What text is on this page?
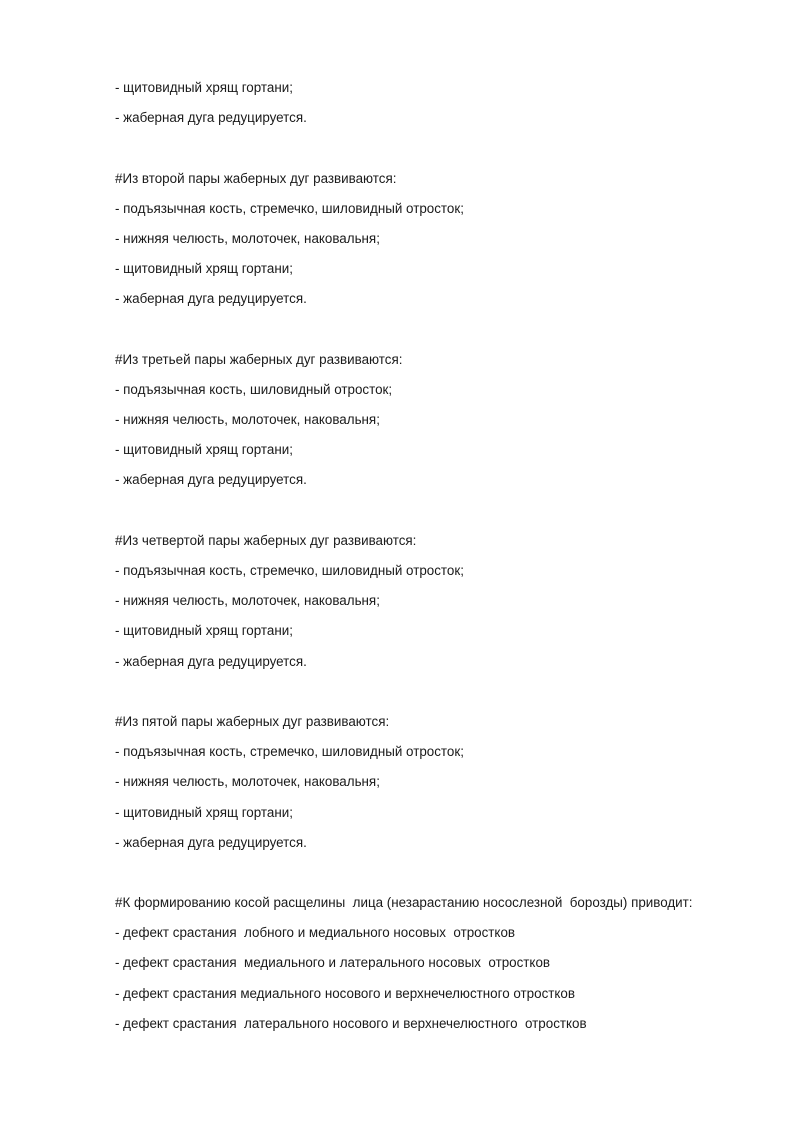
- щитовидный хрящ гортани;
- жаберная дуга редуцируется.
#Из второй пары жаберных дуг развиваются:
- подъязычная кость, стремечко, шиловидный отросток;
- нижняя челюсть, молоточек, наковальня;
- щитовидный хрящ гортани;
- жаберная дуга редуцируется.
#Из третьей пары жаберных дуг развиваются:
- подъязычная кость, шиловидный отросток;
- нижняя челюсть, молоточек, наковальня;
- щитовидный хрящ гортани;
- жаберная дуга редуцируется.
#Из четвертой пары жаберных дуг развиваются:
- подъязычная кость, стремечко, шиловидный отросток;
- нижняя челюсть, молоточек, наковальня;
- щитовидный хрящ гортани;
- жаберная дуга редуцируется.
#Из пятой пары жаберных дуг развиваются:
- подъязычная кость, стремечко, шиловидный отросток;
- нижняя челюсть, молоточек, наковальня;
- щитовидный хрящ гортани;
- жаберная дуга редуцируется.
#К формированию косой расщелины  лица (незарастанию носослезной  борозды) приводит:
- дефект срастания  лобного и медиального носовых  отростков
- дефект срастания  медиального и латерального носовых  отростков
- дефект срастания медиального носового и верхнечелюстного отростков
- дефект срастания  латерального носового и верхнечелюстного  отростков
